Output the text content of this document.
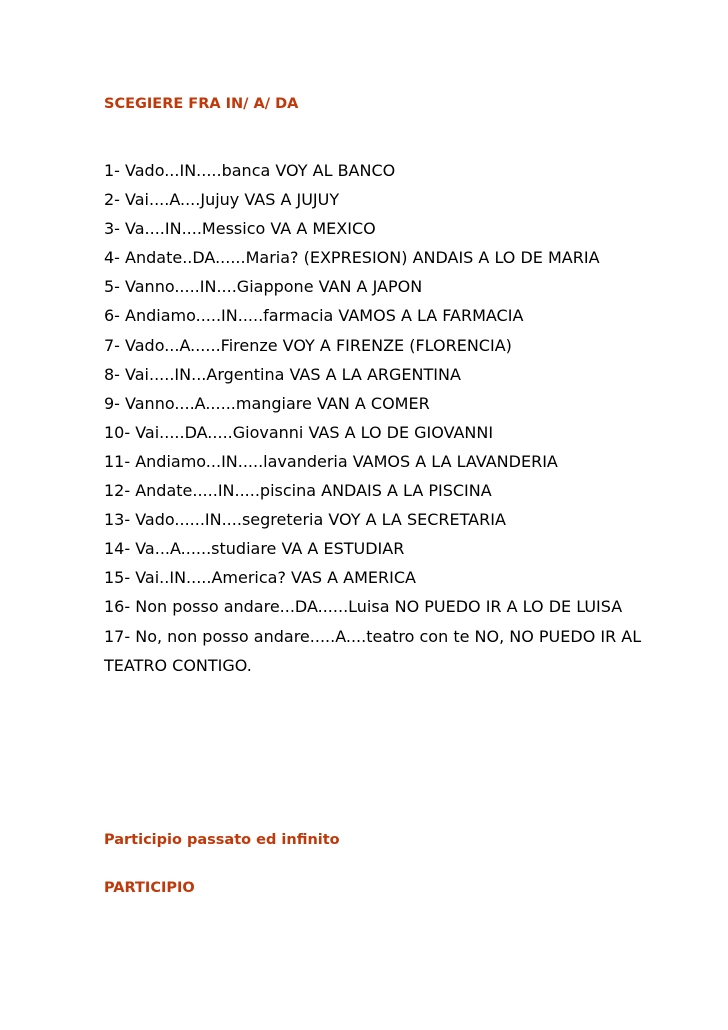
SCEGIERE FRA IN/ A/ DA

1- Vado...IN.....banca VOY AL BANCO
2- Vai....A....Jujuy VAS A JUJUY
3- Va....IN....Messico VA A MEXICO
4- Andate..DA......Maria? (EXPRESION) ANDAIS A LO DE MARIA
5- Vanno.....IN....Giappone VAN A JAPON
6- Andiamo.....IN.....farmacia VAMOS A LA FARMACIA
7- Vado...A......Firenze VOY A FIRENZE (FLORENCIA)
8- Vai.....IN...Argentina VAS A LA ARGENTINA
9- Vanno....A......mangiare VAN A COMER
10- Vai.....DA.....Giovanni VAS A LO DE GIOVANNI
11- Andiamo...IN.....lavanderia VAMOS A LA LAVANDERIA
12- Andate.....IN.....piscina ANDAIS A LA PISCINA
13- Vado......IN....segreteria VOY A LA SECRETARIA
14- Va...A......studiare VA A ESTUDIAR
15- Vai..IN.....America? VAS A AMERICA
16- Non posso andare...DA......Luisa NO PUEDO IR A LO DE LUISA
17- No, non posso andare.....A....teatro con te NO, NO PUEDO IR AL TEATRO CONTIGO.

Participio passato ed infinito

PARTICIPIO
